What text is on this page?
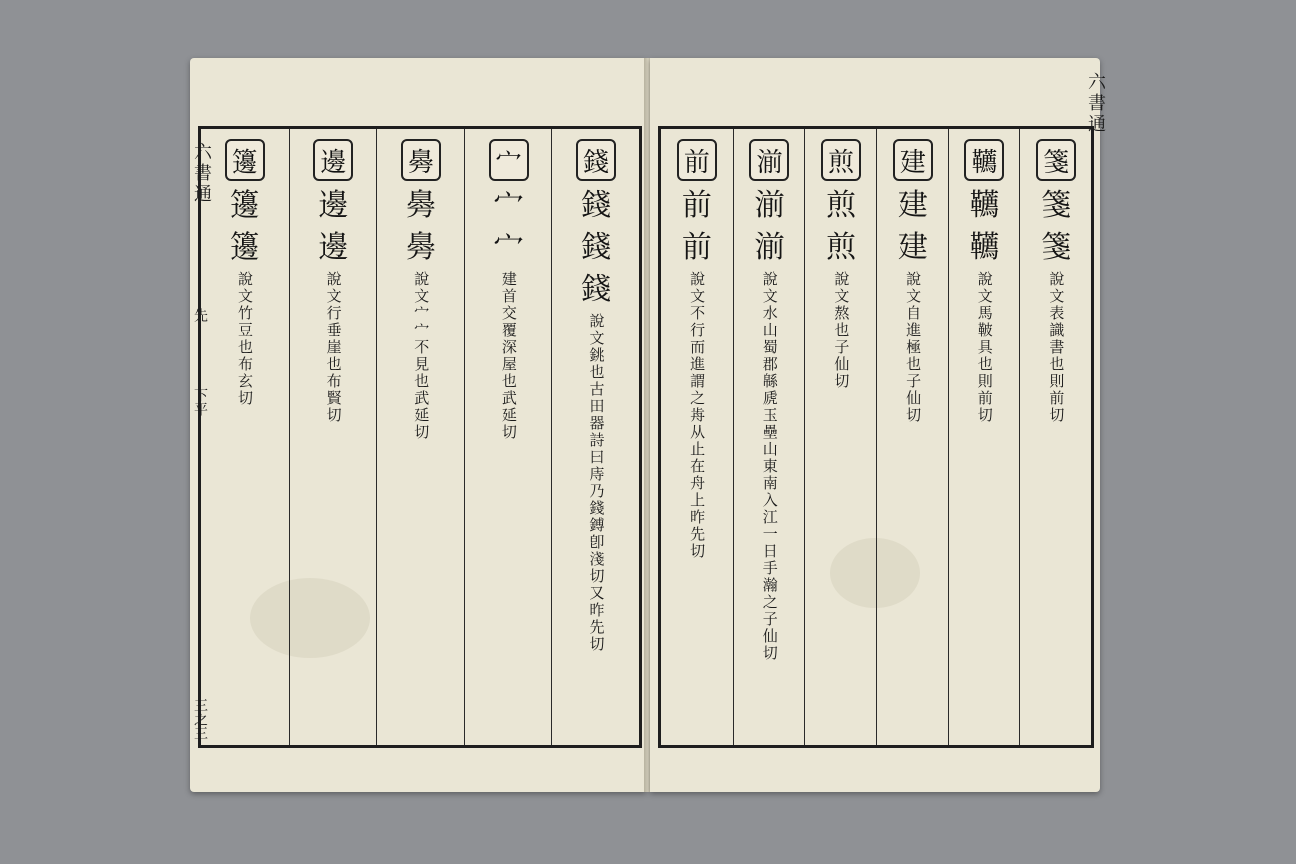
錢
錢
錢
錢
說文銚也古田器詩曰庤乃錢鎛卽淺切又昨先切
宀
宀
宀
建首交覆深屋也武延切
臱
臱
臱
說文宀宀不見也武延切
邊
邊
邊
說文行垂崖也布賢切
籩
籩
籩
說文竹豆也布玄切
六書通
先
下平
三之三
箋
箋
箋
說文表識書也則前切
韉
韉
韉
說文馬鞁具也則前切
建
建
建
說文自進極也子仙切
煎
煎
煎
說文熬也子仙切
湔
湔
湔
說文水山蜀郡緜虒玉壘山東南入江一日手瀚之子仙切
前
前
前
說文不行而進謂之歬从止在舟上昨先切
六書通
